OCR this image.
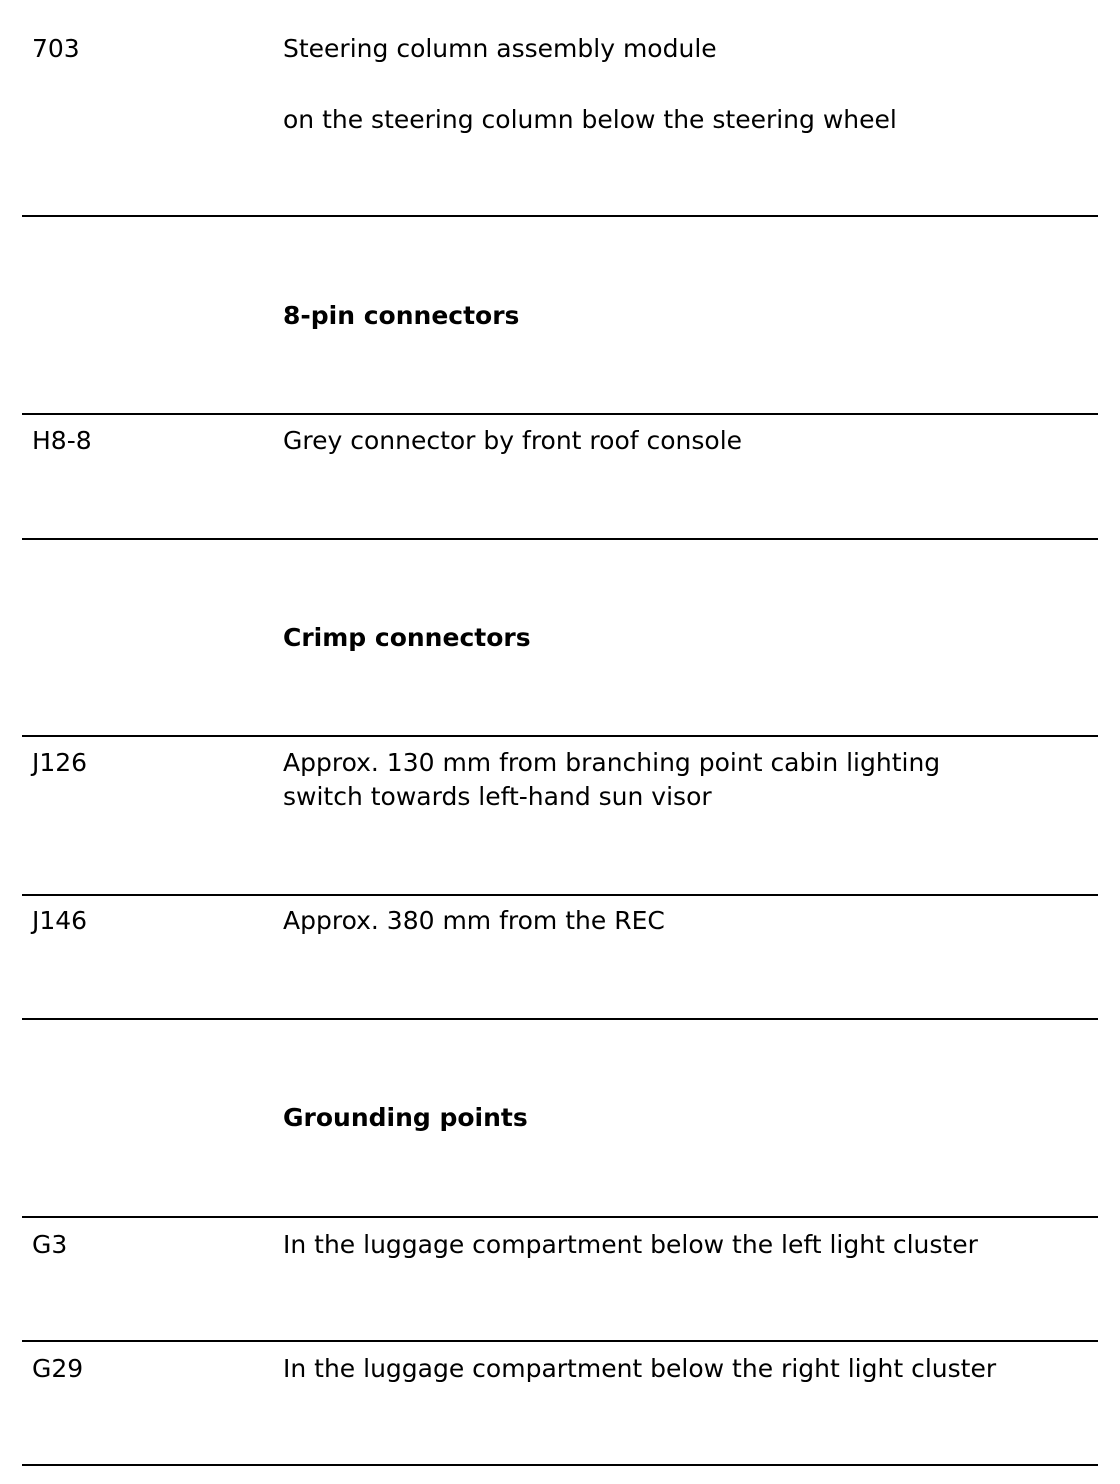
703	Steering column assembly module
on the steering column below the steering wheel
8-pin connectors
H8-8	Grey connector by front roof console
Crimp connectors
J126	Approx. 130 mm from branching point cabin lighting
switch towards left-hand sun visor
J146	Approx. 380 mm from the REC
Grounding points
G3	In the luggage compartment below the left light cluster
G29	In the luggage compartment below the right light cluster
